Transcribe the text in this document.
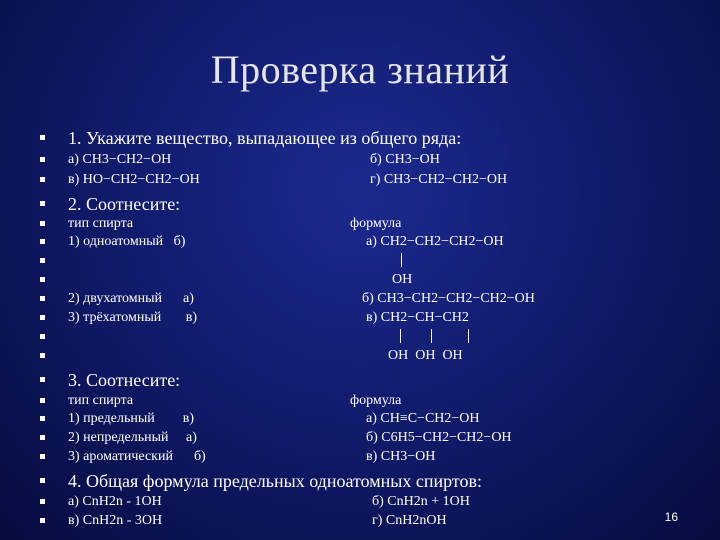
Проверка знаний
1. Укажите вещество, выпадающее из общего ряда:
а) CH3−CH2−OH	б) CH3−OH
в) HO−CH2−CH2−OH	г) CH3−CH2−CH2−OH
2. Соотнесите:
тип спирта	формула
1) одноатомный   б)	а) CH2−CH2−CH2−OH
OH
2) двухатомный      а)	б) CH3−CH2−CH2−CH2−OH
3) трёхатомный       в)	в) CH2−CH−CH2
OH  OH  OH
3. Соотнесите:
тип спирта	формула
1) предельный        в)	а) CH≡C−CH2−OH
2) непредельный     а)	б) C6H5−CH2−CH2−OH
3) ароматический      б)	в) CH3−OH
4. Общая формула предельных одноатомных спиртов:
а) CnH2n - 1OH	б) CnH2n + 1OH
в) CnH2n - 3OH	г) CnH2nOH	16
